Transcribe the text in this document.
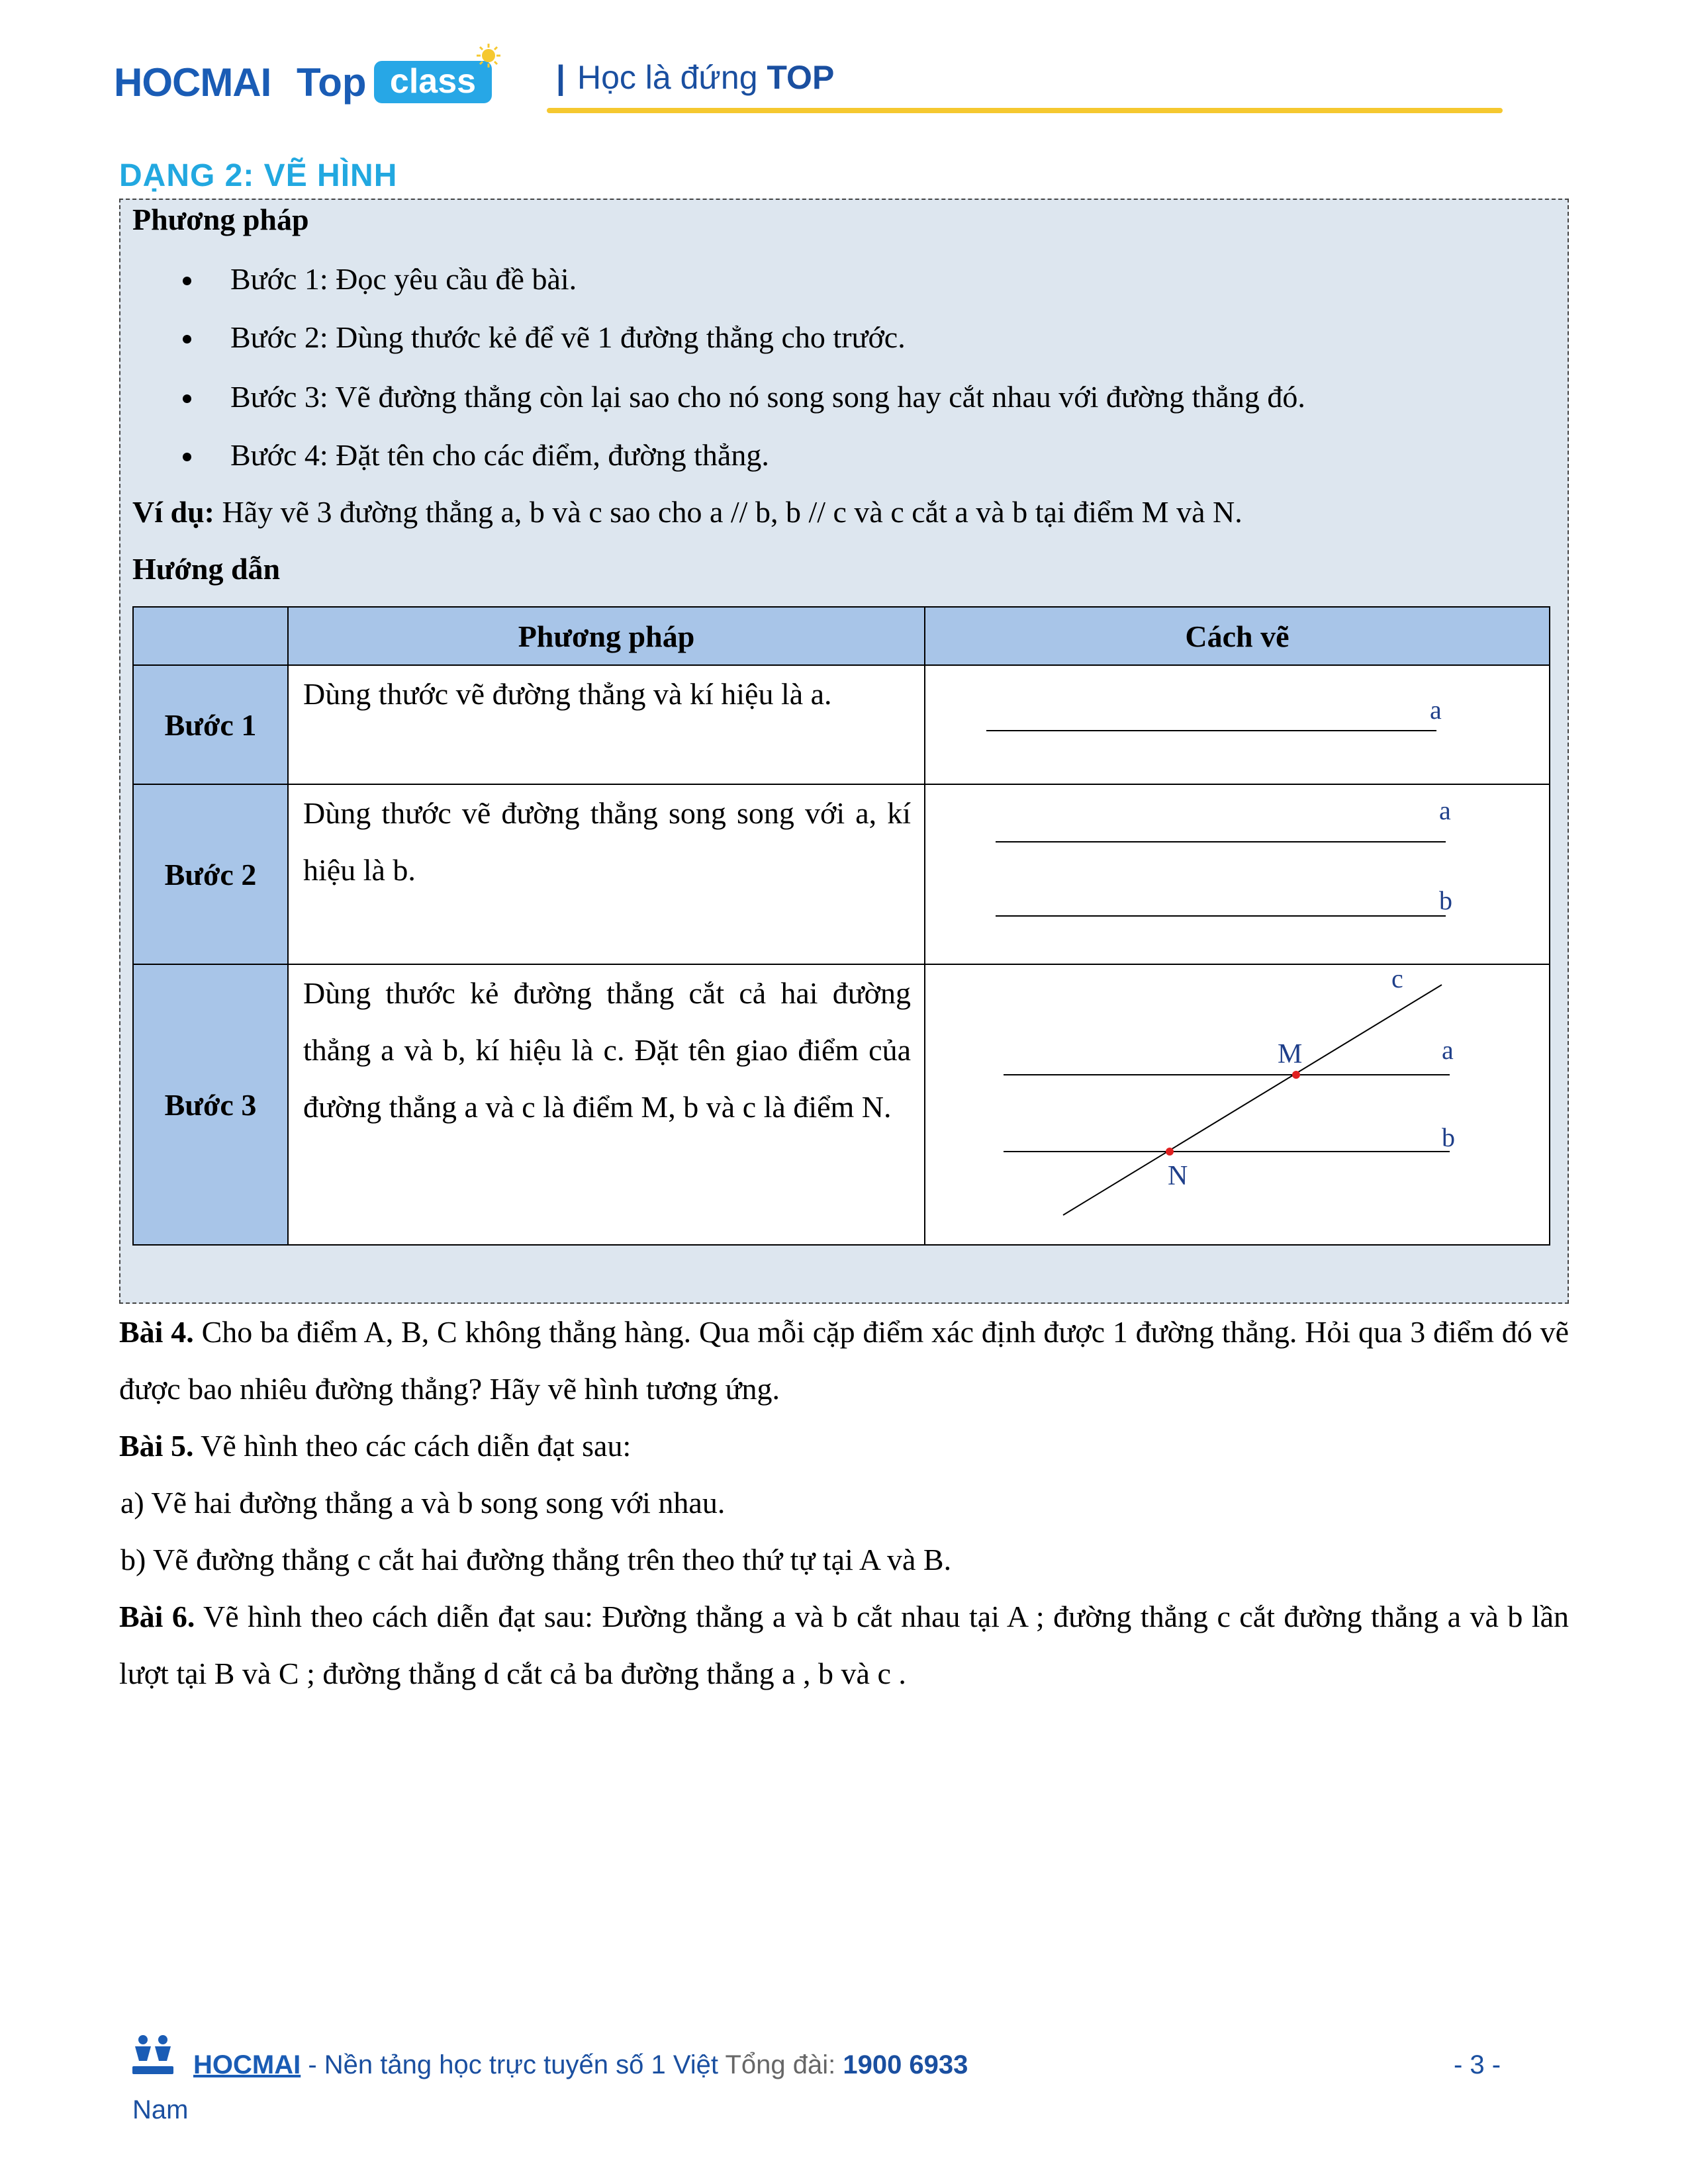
HOCMAI Top class	| Học là đứng TOP
DẠNG 2: VẼ HÌNH
Phương pháp
Bước 1: Đọc yêu cầu đề bài.
Bước 2: Dùng thước kẻ để vẽ 1 đường thẳng cho trước.
Bước 3: Vẽ đường thẳng còn lại sao cho nó song song hay cắt nhau với đường thẳng đó.
Bước 4: Đặt tên cho các điểm, đường thẳng.
Ví dụ: Hãy vẽ 3 đường thẳng a, b và c sao cho a // b, b // c và c cắt a và b tại điểm M và N.
Hướng dẫn
	Phương pháp	Cách vẽ
Bước 1	Dùng thước vẽ đường thẳng và kí hiệu là a.	a

Bước 2	Dùng thước vẽ đường thẳng song song với a, kí hiệu là b.	a
b

Bước 3	Dùng thước kẻ đường thẳng cắt cả hai đường thẳng a và b, kí hiệu là c. Đặt tên giao điểm của đường thẳng a và c là điểm M, b và c là điểm N.	c
a
b
M
N
Bài 4. Cho ba điểm A, B, C không thẳng hàng. Qua mỗi cặp điểm xác định được 1 đường thẳng. Hỏi qua 3 điểm đó vẽ được bao nhiêu đường thẳng? Hãy vẽ hình tương ứng.
Bài 5. Vẽ hình theo các cách diễn đạt sau:
a) Vẽ hai đường thẳng a và b song song với nhau.
b) Vẽ đường thẳng c cắt hai đường thẳng trên theo thứ tự tại A và B.
Bài 6. Vẽ hình theo cách diễn đạt sau: Đường thẳng a và b cắt nhau tại A ; đường thẳng c cắt đường thẳng a và b lần lượt tại B và C ; đường thẳng d cắt cả ba đường thẳng a , b và c .
HOCMAI - Nền tảng học trực tuyến số 1 Việt Tổng đài: 1900 6933	- 3 -
Nam
